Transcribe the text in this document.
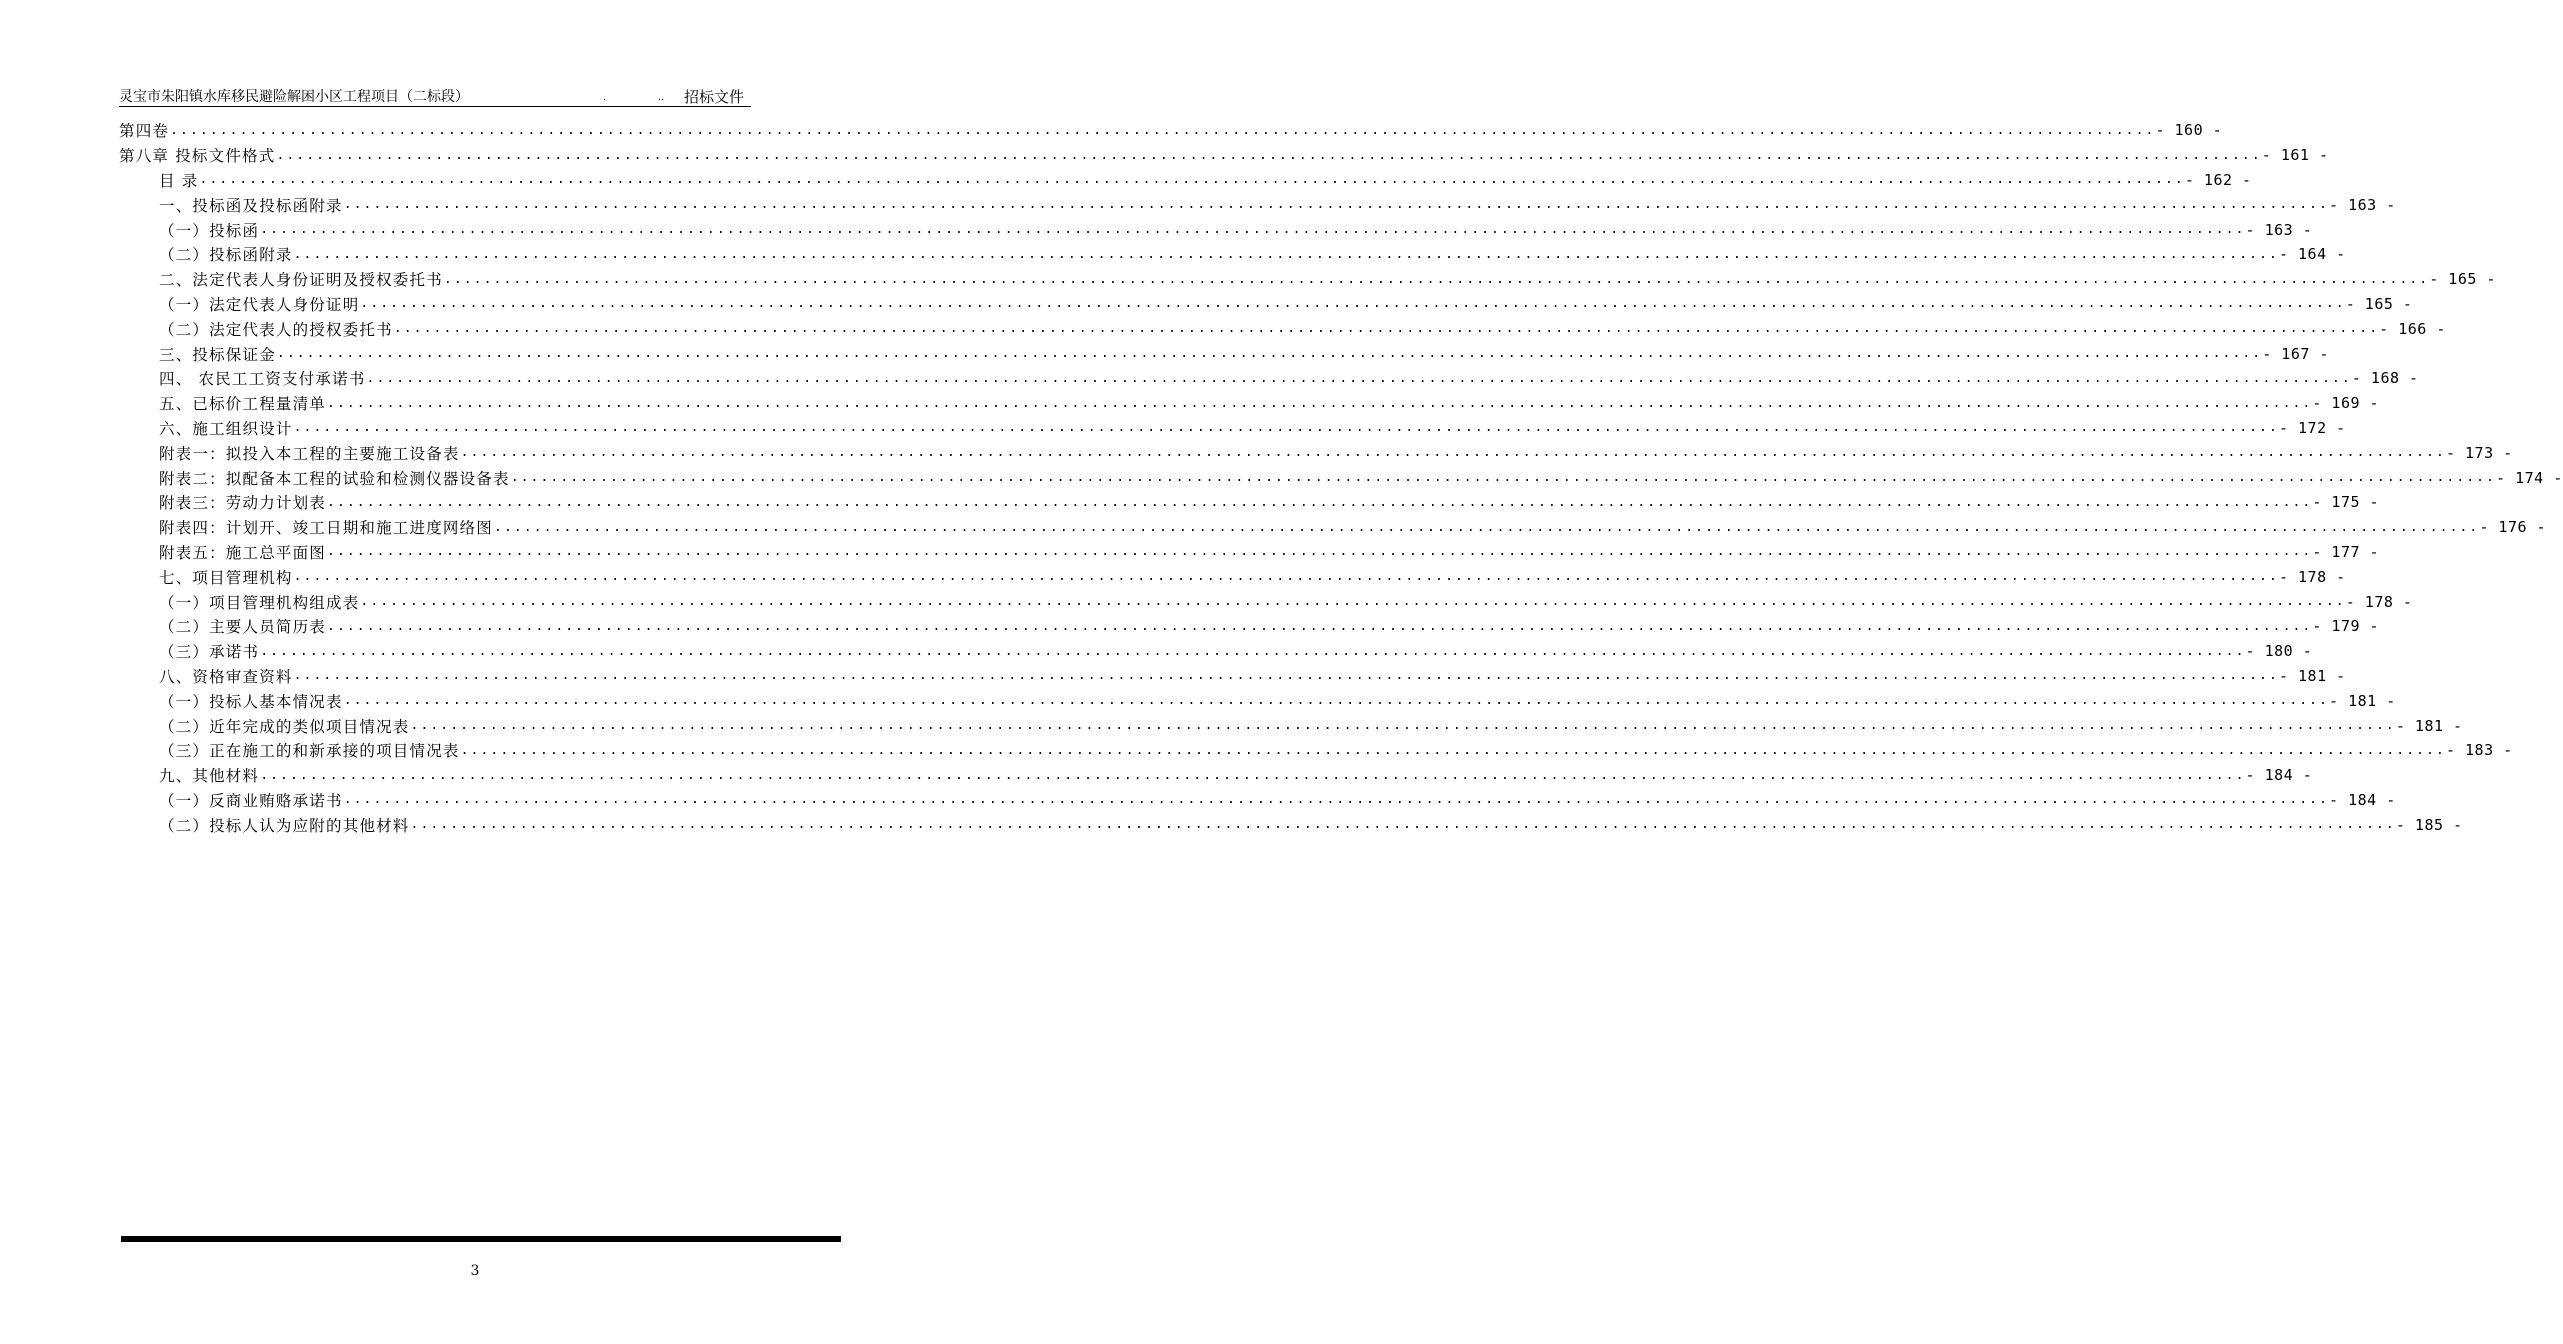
灵宝市朱阳镇水库移民避险解困小区工程项目（二标段）	.	.. 招标文件
第四卷 ........................................................................................................................................................................................................ - 160 -
第八章 投标文件格式 ........................................................................................................................................................................................................ - 161 -
目 录 ........................................................................................................................................................................................................ - 162 -
一、投标函及投标函附录 ........................................................................................................................................................................................................ - 163 -
（一）投标函 ........................................................................................................................................................................................................ - 163 -
（二）投标函附录 ........................................................................................................................................................................................................ - 164 -
二、法定代表人身份证明及授权委托书 ........................................................................................................................................................................................................ - 165 -
（一）法定代表人身份证明 ........................................................................................................................................................................................................ - 165 -
（二）法定代表人的授权委托书 ........................................................................................................................................................................................................ - 166 -
三、投标保证金 ........................................................................................................................................................................................................ - 167 -
四、 农民工工资支付承诺书 ........................................................................................................................................................................................................ - 168 -
五、已标价工程量清单 ........................................................................................................................................................................................................ - 169 -
六、施工组织设计 ........................................................................................................................................................................................................ - 172 -
附表一：拟投入本工程的主要施工设备表 ........................................................................................................................................................................................................ - 173 -
附表二：拟配备本工程的试验和检测仪器设备表 ........................................................................................................................................................................................................ - 174 -
附表三：劳动力计划表 ........................................................................................................................................................................................................ - 175 -
附表四：计划开、竣工日期和施工进度网络图 ........................................................................................................................................................................................................ - 176 -
附表五：施工总平面图 ........................................................................................................................................................................................................ - 177 -
七、项目管理机构 ........................................................................................................................................................................................................ - 178 -
（一）项目管理机构组成表 ........................................................................................................................................................................................................ - 178 -
（二）主要人员简历表 ........................................................................................................................................................................................................ - 179 -
（三）承诺书 ........................................................................................................................................................................................................ - 180 -
八、资格审查资料 ........................................................................................................................................................................................................ - 181 -
（一）投标人基本情况表 ........................................................................................................................................................................................................ - 181 -
（二）近年完成的类似项目情况表 ........................................................................................................................................................................................................ - 181 -
（三）正在施工的和新承接的项目情况表 ........................................................................................................................................................................................................ - 183 -
九、其他材料 ........................................................................................................................................................................................................ - 184 -
（一）反商业贿赂承诺书 ........................................................................................................................................................................................................ - 184 -
（二）投标人认为应附的其他材料 ........................................................................................................................................................................................................ - 185 -
3
